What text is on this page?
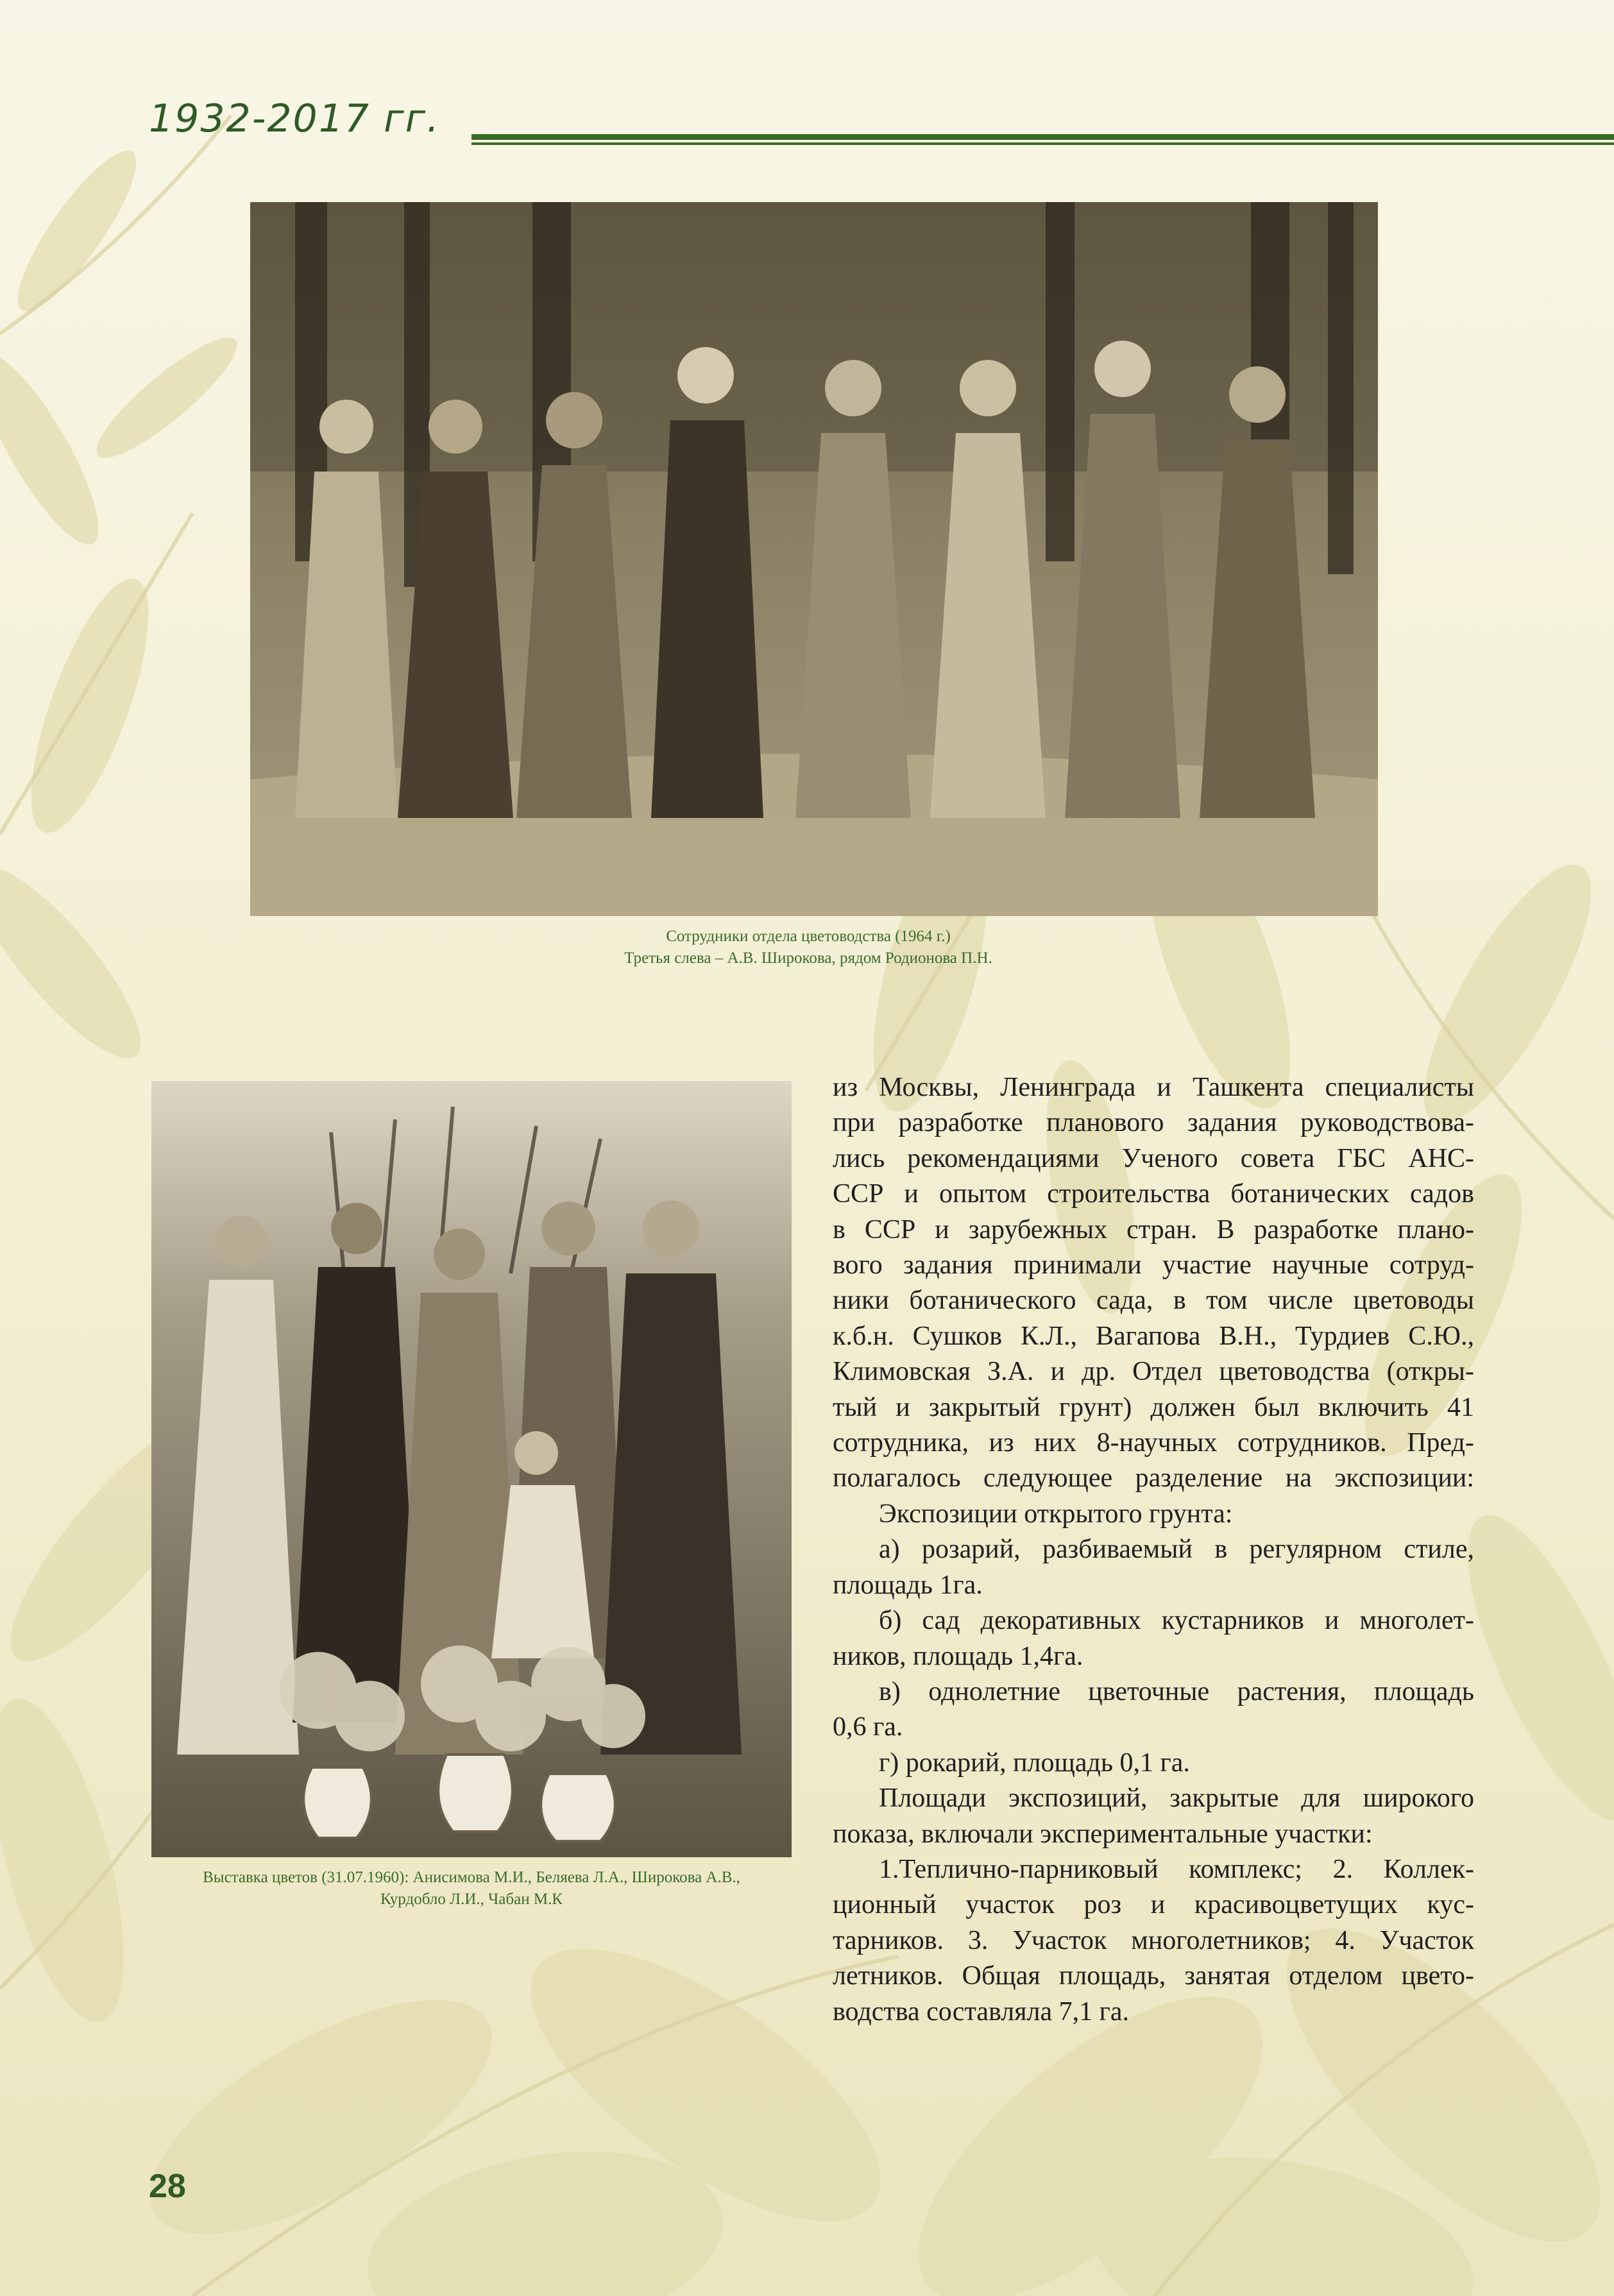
1932-2017 гг.
Сотрудники отдела цветоводства (1964 г.)
Третья слева – А.В. Широкова, рядом Родионова П.Н.
Выставка цветов (31.07.1960): Анисимова М.И., Беляева Л.А., Широкова А.В.,
Курдобло Л.И., Чабан М.К

из Москвы, Ленинграда и Ташкента специалисты
при разработке планового задания руководствова-
лись рекомендациями Ученого совета ГБС АНС-
ССР и опытом строительства ботанических садов
в ССР и зарубежных стран. В разработке плано-
вого задания принимали участие научные сотруд-
ники ботанического сада, в том числе цветоводы
к.б.н. Сушков К.Л., Вагапова В.Н., Турдиев С.Ю.,
Климовская З.А. и др. Отдел цветоводства (откры-
тый и закрытый грунт) должен был включить 41
сотрудника, из них 8-научных сотрудников. Пред-
полагалось следующее разделение на экспозиции:

Экспозиции открытого грунта:

а) розарий, разбиваемый в регулярном стиле,
площадь 1га.

б) сад декоративных кустарников и многолет-
ников, площадь 1,4га.

в) однолетние цветочные растения, площадь
0,6 га.

г) рокарий, площадь 0,1 га.

Площади экспозиций, закрытые для широкого
показа, включали экспериментальные участки:

1.Теплично-парниковый комплекс; 2. Коллек-
ционный участок роз и красивоцветущих кус-
тарников. 3. Участок многолетников; 4. Участок
летников. Общая площадь, занятая отделом цвето-
водства составляла 7,1 га.

28
